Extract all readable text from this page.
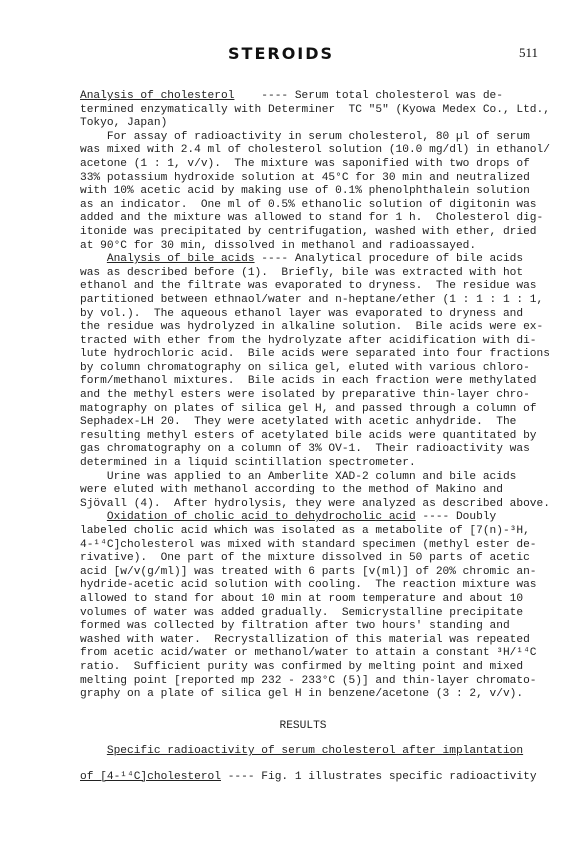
STEROIDS	511

Analysis of cholesterol    ---- Serum total cholesterol was de-

termined enzymatically with Determiner  TC "5" (Kyowa Medex Co., Ltd.,

Tokyo, Japan)

For assay of radioactivity in serum cholesterol, 80 µl of serum

was mixed with 2.4 ml of cholesterol solution (10.0 mg/dl) in ethanol/

acetone (1 : 1, v/v).  The mixture was saponified with two drops of

33% potassium hydroxide solution at 45°C for 30 min and neutralized

with 10% acetic acid by making use of 0.1% phenolphthalein solution

as an indicator.  One ml of 0.5% ethanolic solution of digitonin was

added and the mixture was allowed to stand for 1 h.  Cholesterol dig-

itonide was precipitated by centrifugation, washed with ether, dried

at 90°C for 30 min, dissolved in methanol and radioassayed.

Analysis of bile acids ---- Analytical procedure of bile acids

was as described before (1).  Briefly, bile was extracted with hot

ethanol and the filtrate was evaporated to dryness.  The residue was

partitioned between ethnaol/water and n-heptane/ether (1 : 1 : 1 : 1,

by vol.).  The aqueous ethanol layer was evaporated to dryness and

the residue was hydrolyzed in alkaline solution.  Bile acids were ex-

tracted with ether from the hydrolyzate after acidification with di-

lute hydrochloric acid.  Bile acids were separated into four fractions

by column chromatography on silica gel, eluted with various chloro-

form/methanol mixtures.  Bile acids in each fraction were methylated

and the methyl esters were isolated by preparative thin-layer chro-

matography on plates of silica gel H, and passed through a column of

Sephadex-LH 20.  They were acetylated with acetic anhydride.  The

resulting methyl esters of acetylated bile acids were quantitated by

gas chromatography on a column of 3% OV-1.  Their radioactivity was

determined in a liquid scintillation spectrometer.

Urine was applied to an Amberlite XAD-2 column and bile acids

were eluted with methanol according to the method of Makino and

Sjövall (4).  After hydrolysis, they were analyzed as described above.

Oxidation of cholic acid to dehydrocholic acid ---- Doubly

labeled cholic acid which was isolated as a metabolite of [7(n)-³H,

4-¹⁴C]cholesterol was mixed with standard specimen (methyl ester de-

rivative).  One part of the mixture dissolved in 50 parts of acetic

acid [w/v(g/ml)] was treated with 6 parts [v(ml)] of 20% chromic an-

hydride-acetic acid solution with cooling.  The reaction mixture was

allowed to stand for about 10 min at room temperature and about 10

volumes of water was added gradually.  Semicrystalline precipitate

formed was collected by filtration after two hours' standing and

washed with water.  Recrystallization of this material was repeated

from acetic acid/water or methanol/water to attain a constant ³H/¹⁴C

ratio.  Sufficient purity was confirmed by melting point and mixed

melting point [reported mp 232 - 233°C (5)] and thin-layer chromato-

graphy on a plate of silica gel H in benzene/acetone (3 : 2, v/v).

RESULTS

Specific radioactivity of serum cholesterol after implantation

of [4-¹⁴C]cholesterol ---- Fig. 1 illustrates specific radioactivity
